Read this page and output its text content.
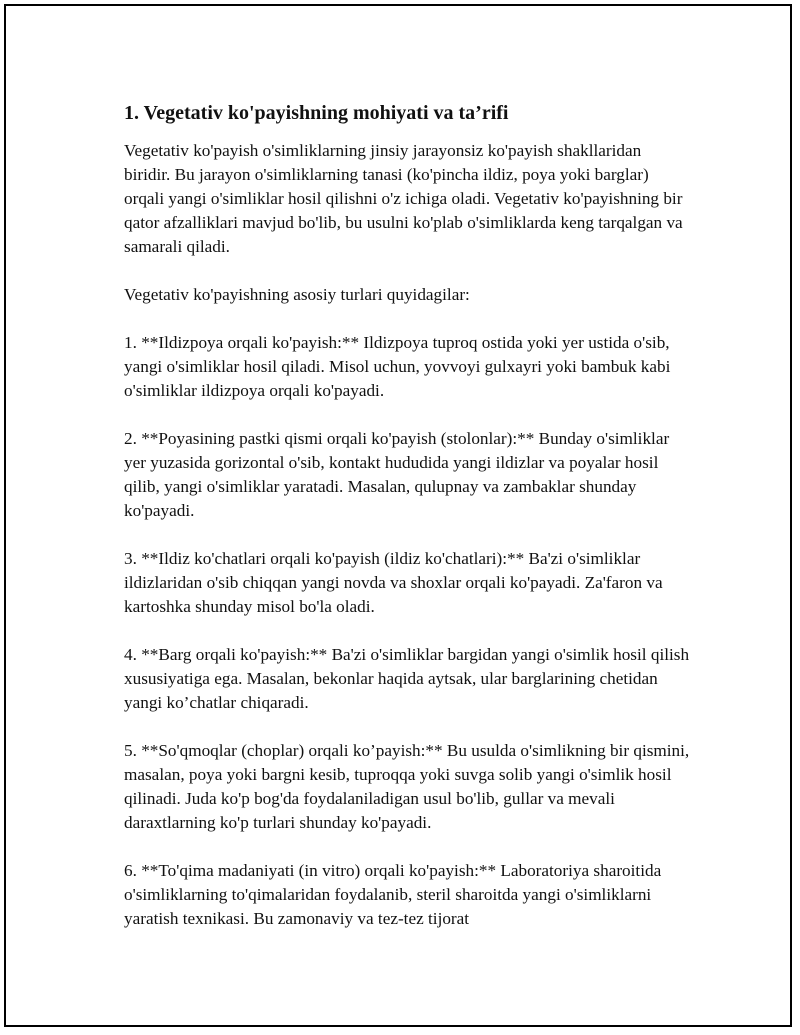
1. Vegetativ ko'payishning mohiyati va ta’rifi

Vegetativ ko'payish o'simliklarning jinsiy jarayonsiz ko'payish shakllaridan biridir. Bu jarayon o'simliklarning tanasi (ko'pincha ildiz, poya yoki barglar) orqali yangi o'simliklar hosil qilishni o'z ichiga oladi. Vegetativ ko'payishning bir qator afzalliklari mavjud bo'lib, bu usulni ko'plab o'simliklarda keng tarqalgan va samarali qiladi.

Vegetativ ko'payishning asosiy turlari quyidagilar:

1. **Ildizpoya orqali ko'payish:** Ildizpoya tuproq ostida yoki yer ustida o'sib, yangi o'simliklar hosil qiladi. Misol uchun, yovvoyi gulxayri yoki bambuk kabi o'simliklar ildizpoya orqali ko'payadi.

2. **Poyasining pastki qismi orqali ko'payish (stolonlar):** Bunday o'simliklar yer yuzasida gorizontal o'sib, kontakt hududida yangi ildizlar va poyalar hosil qilib, yangi o'simliklar yaratadi. Masalan, qulupnay va zambaklar shunday ko'payadi.

3. **Ildiz ko'chatlari orqali ko'payish (ildiz ko'chatlari):** Ba'zi o'simliklar ildizlaridan o'sib chiqqan yangi novda va shoxlar orqali ko'payadi. Za'faron va kartoshka shunday misol bo'la oladi.

4. **Barg orqali ko'payish:** Ba'zi o'simliklar bargidan yangi o'simlik hosil qilish xususiyatiga ega. Masalan, bekonlar haqida aytsak, ular barglarining chetidan yangi ko’chatlar chiqaradi.

5. **So'qmoqlar (choplar) orqali ko’payish:** Bu usulda o'simlikning bir qismini, masalan, poya yoki bargni kesib, tuproqqa yoki suvga solib yangi o'simlik hosil qilinadi. Juda ko'p bog'da foydalaniladigan usul bo'lib, gullar va mevali daraxtlarning ko'p turlari shunday ko'payadi.

6. **To'qima madaniyati (in vitro) orqali ko'payish:** Laboratoriya sharoitida o'simliklarning to'qimalaridan foydalanib, steril sharoitda yangi o'simliklarni yaratish texnikasi. Bu zamonaviy va tez-tez tijorat
